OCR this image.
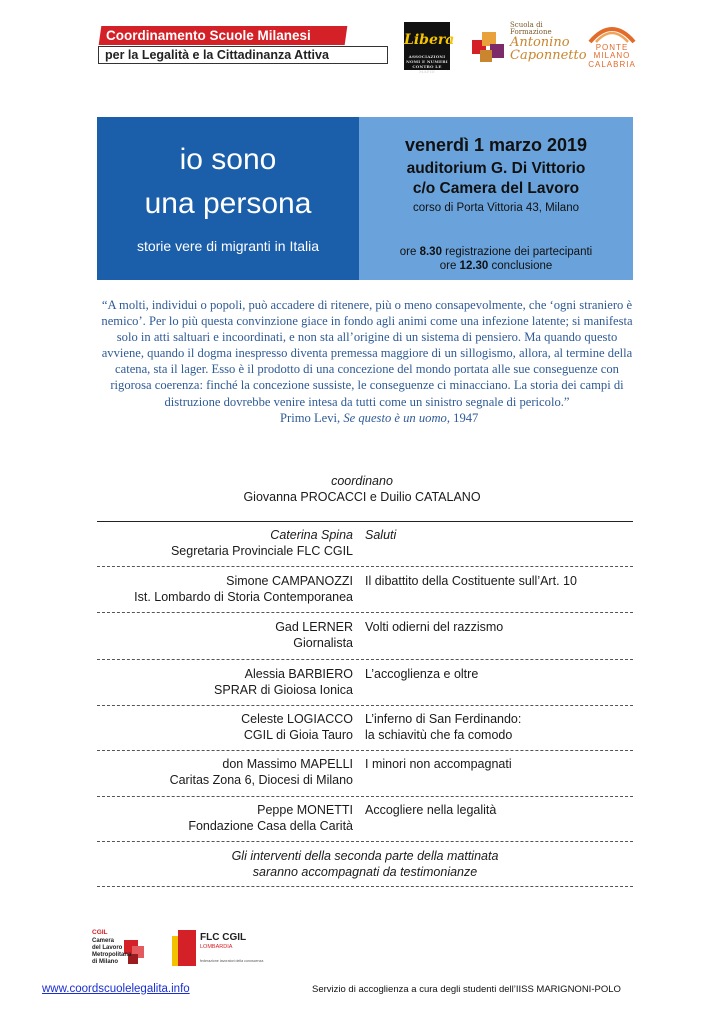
Coordinamento Scuole Milanesi
per la Legalità e la Cittadinanza Attiva
Libera
ASSOCIAZIONI NOMI E NUMERI CONTRO LE MAFIE
Scuola di
Formazione
Antonino
Caponnetto
PONTE
MILANO
CALABRIA
io sono
una persona
storie vere di migranti in Italia
venerdì 1 marzo 2019
auditorium G. Di Vittorio
c/o Camera del Lavoro
corso di Porta Vittoria 43, Milano
ore 8.30 registrazione dei partecipanti
ore 12.30 conclusione
“A molti, individui o popoli, può accadere di ritenere, più o meno consapevolmente, che ‘ogni straniero è nemico’. Per lo più questa convinzione giace in fondo agli animi come una infezione latente; si manifesta solo in atti saltuari e incoordinati, e non sta all’origine di un sistema di pensiero. Ma quando questo avviene, quando il dogma inespresso diventa premessa maggiore di un sillogismo, allora, al termine della catena, sta il lager. Esso è il prodotto di una concezione del mondo portata alle sue conseguenze con rigorosa coerenza: finché la concezione sussiste, le conseguenze ci minacciano. La storia dei campi di distruzione dovrebbe venire intesa da tutti come un sinistro segnale di pericolo.”
Primo Levi, Se questo è un uomo, 1947
coordinano
Giovanna PROCACCI e Duilio CATALANO
Caterina Spina
Segretaria Provinciale FLC CGIL
Saluti
Simone CAMPANOZZI
Ist. Lombardo di Storia Contemporanea
Il dibattito della Costituente sull’Art. 10
Gad LERNER
Giornalista
Volti odierni del razzismo
Alessia BARBIERO
SPRAR di Gioiosa Ionica
L’accoglienza e oltre
Celeste LOGIACCO
CGIL di Gioia Tauro
L’inferno di San Ferdinando:
la schiavitù che fa comodo
don Massimo MAPELLI
Caritas Zona 6, Diocesi di Milano
I minori non accompagnati
Peppe MONETTI
Fondazione Casa della Carità
Accogliere nella legalità
Gli interventi della seconda parte della mattinata
saranno accompagnati da testimonianze
CGIL
Camera
del Lavoro
Metropolitana
di Milano
FLC CGIL
LOMBARDIA
federazione lavoratori della conoscenza
www.coordscuolelegalita.info	Servizio di accoglienza a cura degli studenti dell’IISS MARIGNONI-POLO
